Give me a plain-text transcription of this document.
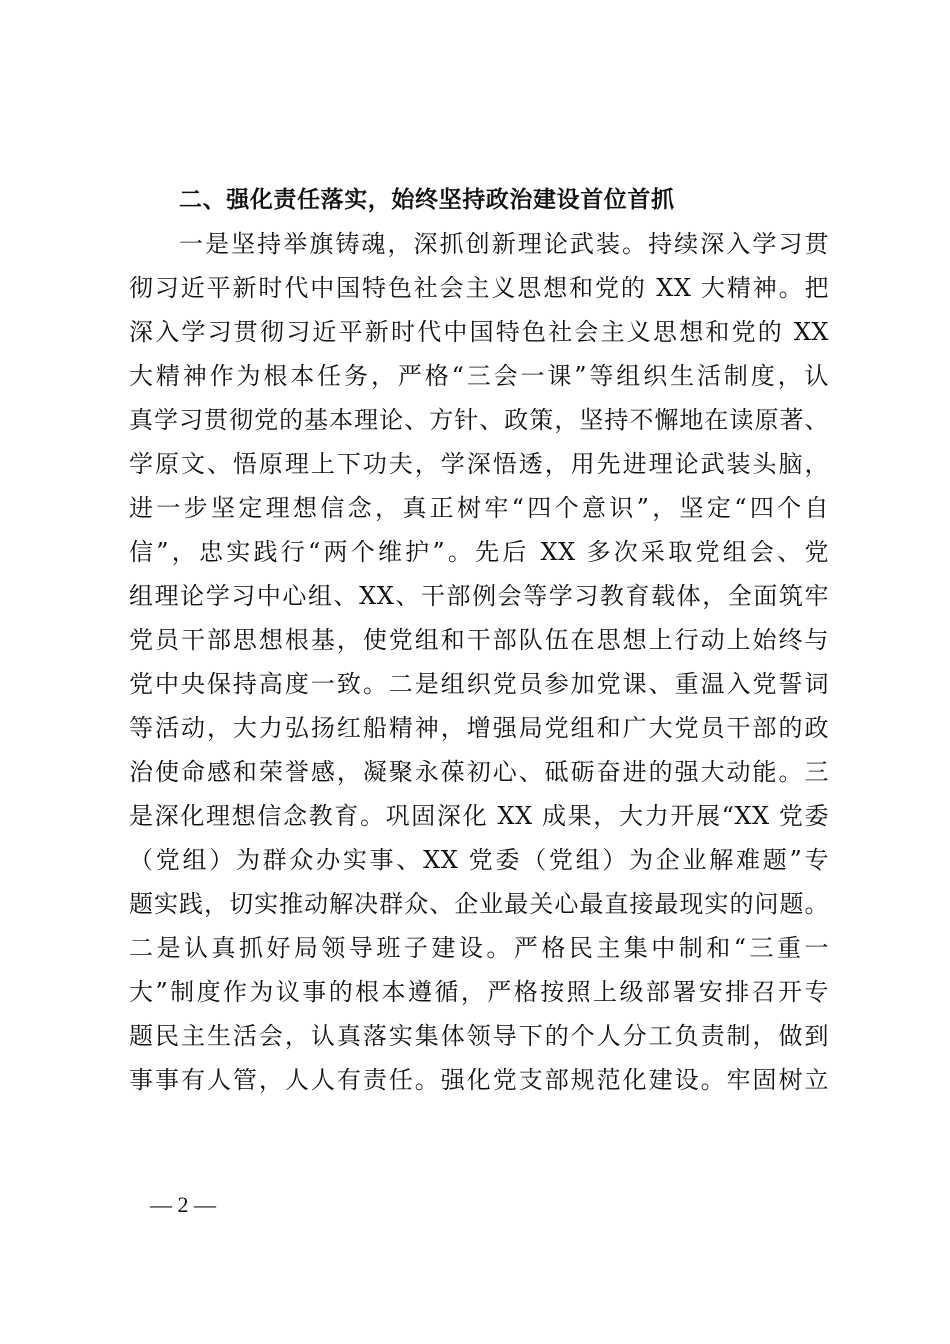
二、强化责任落实，始终坚持政治建设首位首抓

一是坚持举旗铸魂，深抓创新理论武装。持续深入学习贯

彻习近平新时代中国特色社会主义思想和党的 XX 大精神。把

深入学习贯彻习近平新时代中国特色社会主义思想和党的 XX

大精神作为根本任务，严格“三会一课”等组织生活制度，认

真学习贯彻党的基本理论、方针、政策，坚持不懈地在读原著、

学原文、悟原理上下功夫，学深悟透，用先进理论武装头脑，

进一步坚定理想信念，真正树牢“四个意识”，坚定“四个自

信”，忠实践行“两个维护”。先后 XX 多次采取党组会、党

组理论学习中心组、XX、干部例会等学习教育载体，全面筑牢

党员干部思想根基，使党组和干部队伍在思想上行动上始终与

党中央保持高度一致。二是组织党员参加党课、重温入党誓词

等活动，大力弘扬红船精神，增强局党组和广大党员干部的政

治使命感和荣誉感，凝聚永葆初心、砥砺奋进的强大动能。三

是深化理想信念教育。巩固深化 XX 成果，大力开展“XX 党委

（党组）为群众办实事、XX 党委（党组）为企业解难题”专

题实践，切实推动解决群众、企业最关心最直接最现实的问题。

二是认真抓好局领导班子建设。严格民主集中制和“三重一

大”制度作为议事的根本遵循，严格按照上级部署安排召开专

题民主生活会，认真落实集体领导下的个人分工负责制，做到

事事有人管，人人有责任。强化党支部规范化建设。牢固树立

— 2 —
